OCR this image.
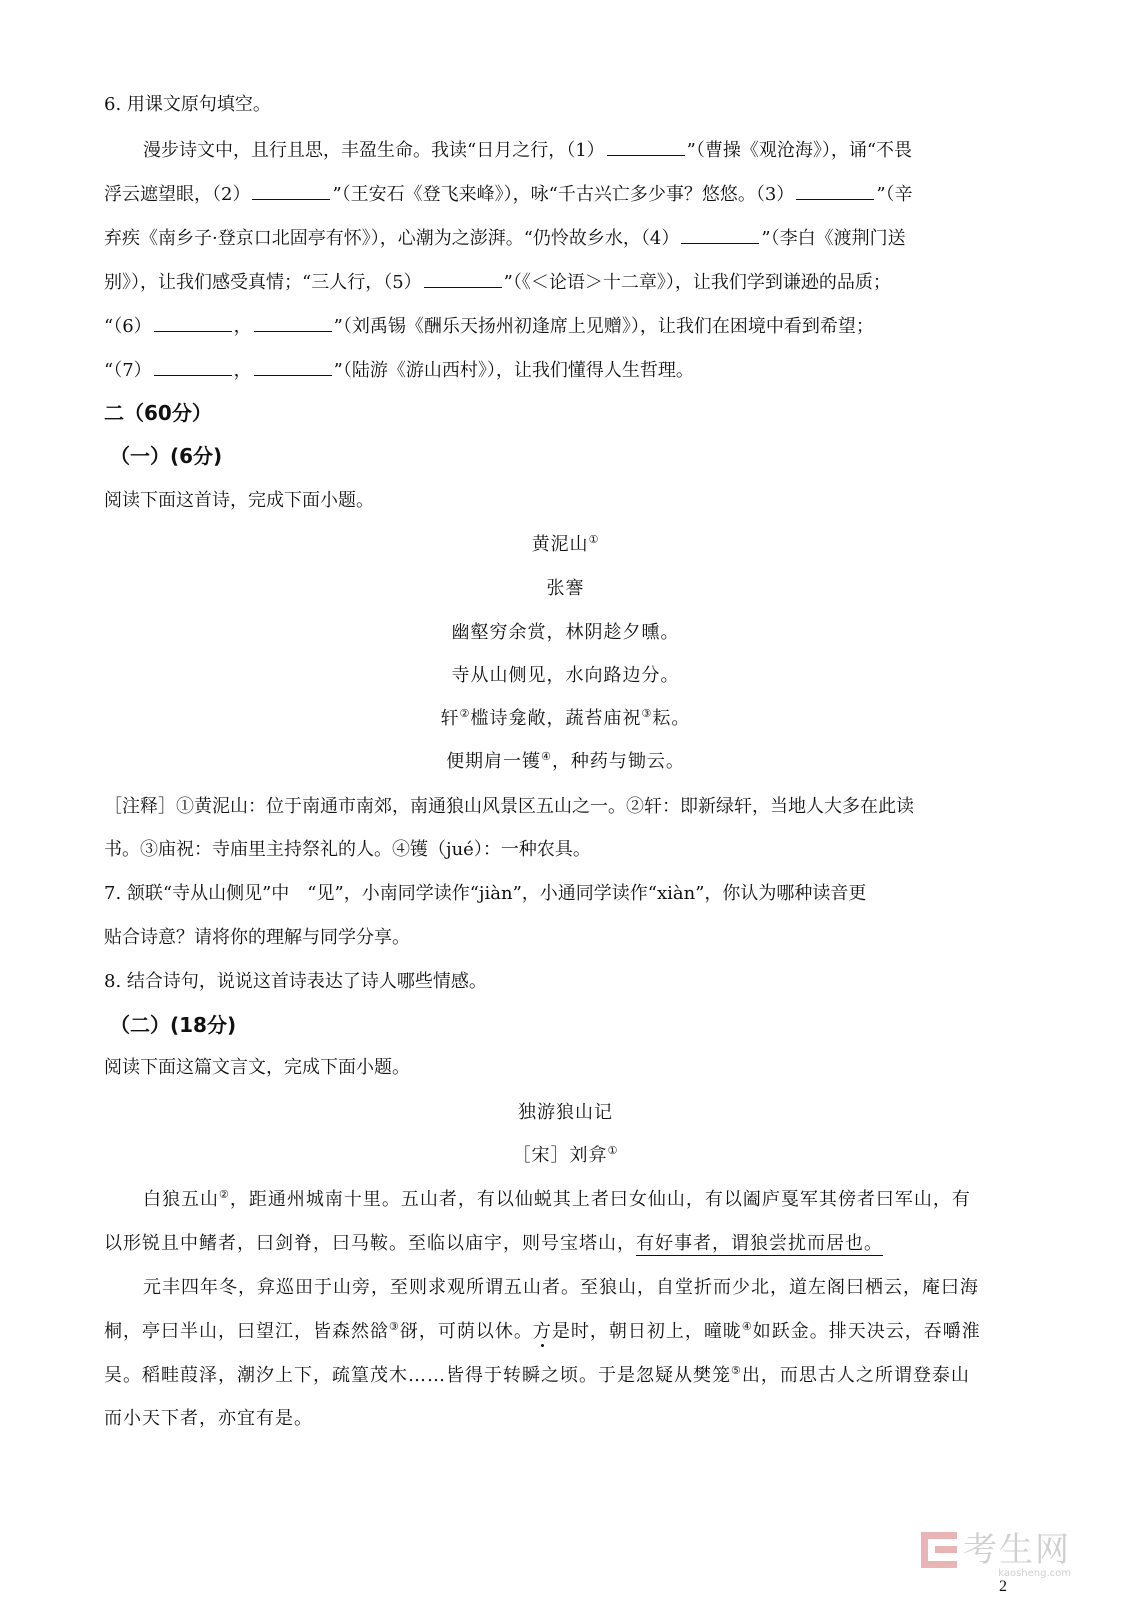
6. 用课文原句填空。
漫步诗文中，且行且思，丰盈生命。我读“日月之行，（1）	”（曹操《观沧海》），诵“不畏
浮云遮望眼，（2）	”（王安石《登飞来峰》），咏“千古兴亡多少事？悠悠。（3）	”（辛
弃疾《南乡子·登京口北固亭有怀》），心潮为之澎湃。“仍怜故乡水，（4）	”（李白《渡荆门送
别》），让我们感受真情；“三人行，（5）	”（《＜论语＞十二章》），让我们学到谦逊的品质；
“（6）	，	”（刘禹锡《酬乐天扬州初逢席上见赠》），让我们在困境中看到希望；
“（7）	，	”（陆游《游山西村》），让我们懂得人生哲理。
二（60分）
（一）(6分)
阅读下面这首诗，完成下面小题。
黄泥山①
张謇
幽壑穷余赏，林阴趁夕曛。
寺从山侧见，水向路边分。
轩②槛诗龛敞，蔬苔庙祝③耘。
便期肩一镬④，种药与锄云。
［注释］①黄泥山：位于南通市南郊，南通狼山风景区五山之一。②轩：即新绿轩，当地人大多在此读
书。③庙祝：寺庙里主持祭礼的人。④镬（jué）：一种农具。
7. 颔联“寺从山侧见”中　“见”，小南同学读作“jiàn”，小通同学读作“xiàn”，你认为哪种读音更
贴合诗意？请将你的理解与同学分享。
8. 结合诗句，说说这首诗表达了诗人哪些情感。
（二）(18分)
阅读下面这篇文言文，完成下面小题。
独游狼山记
［宋］刘弇①
白狼五山②，距通州城南十里。五山者，有以仙蜕其上者曰女仙山，有以阖庐戛军其傍者曰军山，有
以形锐且中鳍者，曰剑脊，曰马鞍。至临以庙宇，则号宝塔山，有好事者，谓狼尝扰而居也。
元丰四年冬，弇巡田于山旁，至则求观所谓五山者。至狼山，自堂折而少北，道左阁曰栖云，庵曰海
桐，亭曰半山，曰望江，皆森然谽③谺，可荫以休。方是时，朝日初上，曈昽④如跃金。排天决云，吞嚼淮
吴。稻畦葭泽，潮汐上下，疏篁茂木……皆得于转瞬之顷。于是忽疑从樊笼⑤出，而思古人之所谓登泰山
而小天下者，亦宜有是。
考生网
kaosheng.com
2
